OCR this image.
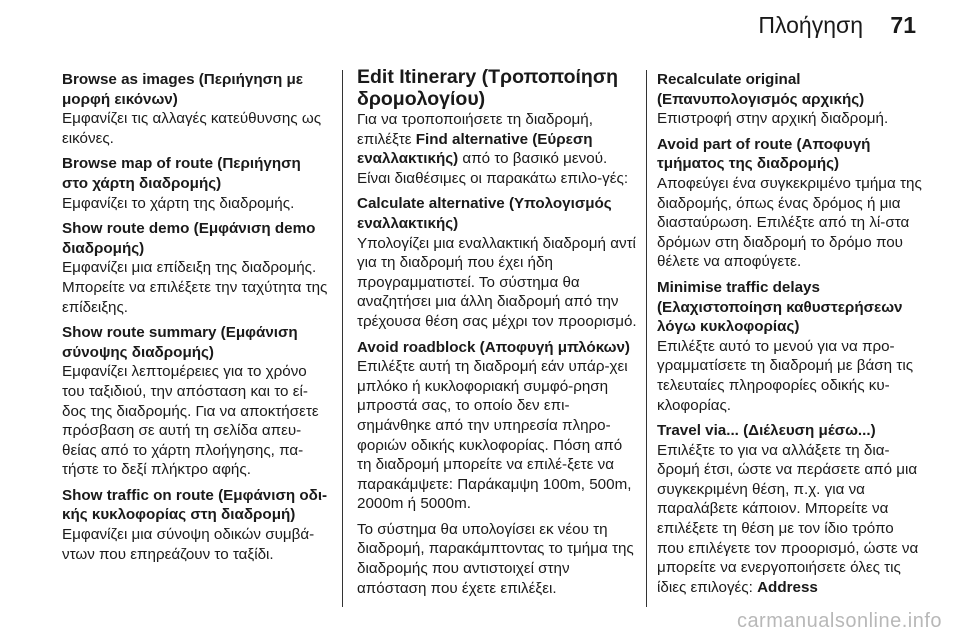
Πλοήγηση 71
Browse as images (Περιήγηση με μορφή εικόνων)
Εμφανίζει τις αλλαγές κατεύθυνσης ως εικόνες.
Browse map of route (Περιήγηση στο χάρτη διαδρομής)
Εμφανίζει το χάρτη της διαδρομής.
Show route demo (Εμφάνιση demo διαδρομής)
Εμφανίζει μια επίδειξη της διαδρομής. Μπορείτε να επιλέξετε την ταχύτητα της επίδειξης.
Show route summary (Εμφάνιση σύνοψης διαδρομής)
Εμφανίζει λεπτομέρειες για το χρόνο του ταξιδιού, την απόσταση και το εί-δος της διαδρομής. Για να αποκτήσετε πρόσβαση σε αυτή τη σελίδα απευ-θείας από το χάρτη πλοήγησης, πα-τήστε το δεξί πλήκτρο αφής.
Show traffic on route (Εμφάνιση οδι-κής κυκλοφορίας στη διαδρομή)
Εμφανίζει μια σύνοψη οδικών συμβά-ντων που επηρεάζουν το ταξίδι.
Edit Itinerary (Τροποποίηση δρομολογίου)
Για να τροποποιήσετε τη διαδρομή, επιλέξτε Find alternative (Εύρεση εναλλακτικής) από το βασικό μενού. Είναι διαθέσιμες οι παρακάτω επιλο-γές:
Calculate alternative (Υπολογισμός εναλλακτικής)
Υπολογίζει μια εναλλακτική διαδρομή αντί για τη διαδρομή που έχει ήδη προγραμματιστεί. Το σύστημα θα αναζητήσει μια άλλη διαδρομή από την τρέχουσα θέση σας μέχρι τον προορισμό.
Avoid roadblock (Αποφυγή μπλόκων)
Επιλέξτε αυτή τη διαδρομή εάν υπάρ-χει μπλόκο ή κυκλοφοριακή συμφό-ρηση μπροστά σας, το οποίο δεν επι-σημάνθηκε από την υπηρεσία πληρο-φοριών οδικής κυκλοφορίας. Πόση από τη διαδρομή μπορείτε να επιλέ-ξετε να παρακάμψετε: Παράκαμψη 100m, 500m, 2000m ή 5000m.
Το σύστημα θα υπολογίσει εκ νέου τη διαδρομή, παρακάμπτοντας το τμήμα της διαδρομής που αντιστοιχεί στην απόσταση που έχετε επιλέξει.
Recalculate original (Επανυπολογισμός αρχικής)
Επιστροφή στην αρχική διαδρομή.
Avoid part of route (Αποφυγή τμήματος της διαδρομής)
Αποφεύγει ένα συγκεκριμένο τμήμα της διαδρομής, όπως ένας δρόμος ή μια διασταύρωση. Επιλέξτε από τη λί-στα δρόμων στη διαδρομή το δρόμο που θέλετε να αποφύγετε.
Minimise traffic delays (Ελαχιστοποίηση καθυστερήσεων λόγω κυκλοφορίας)
Επιλέξτε αυτό το μενού για να προ-γραμματίσετε τη διαδρομή με βάση τις τελευταίες πληροφορίες οδικής κυ-κλοφορίας.
Travel via... (Διέλευση μέσω...)
Επιλέξτε το για να αλλάξετε τη δια-δρομή έτσι, ώστε να περάσετε από μια συγκεκριμένη θέση, π.χ. για να παραλάβετε κάποιον. Μπορείτε να επιλέξετε τη θέση με τον ίδιο τρόπο που επιλέγετε τον προορισμό, ώστε να μπορείτε να ενεργοποιήσετε όλες τις ίδιες επιλογές: Address
carmanualsonline.info
